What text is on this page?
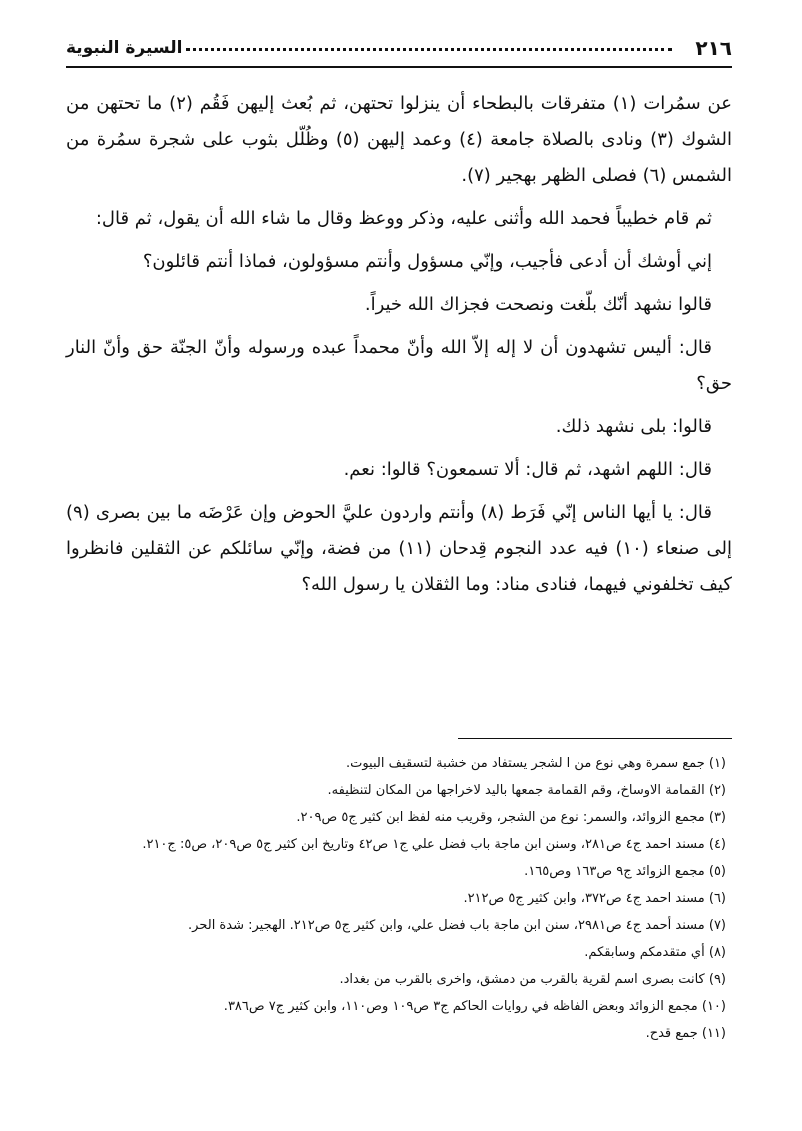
٢١٦
السيرة النبوية

عن سمُرات (١) متفرقات بالبطحاء أن ينزلوا تحتهن، ثم بُعث إليهن فَقُم (٢) ما تحتهن من الشوك (٣) ونادى بالصلاة جامعة (٤) وعمد إليهن (٥) وظُلّل بثوب على شجرة سمُرة من الشمس (٦) فصلى الظهر بهجير (٧).

ثم قام خطيباً فحمد الله وأثنى عليه، وذكر ووعظ وقال ما شاء الله أن يقول، ثم قال:

إني أوشك أن أدعى فأجيب، وإنّي مسؤول وأنتم مسؤولون، فماذا أنتم قائلون؟

قالوا نشهد أنّك بلّغت ونصحت فجزاك الله خيراً.

قال: أليس تشهدون أن لا إله إلاّ الله وأنّ محمداً عبده ورسوله وأنّ الجنّة حق وأنّ النار حق؟

قالوا: بلى نشهد ذلك.

قال: اللهم اشهد، ثم قال: ألا تسمعون؟ قالوا: نعم.

قال: يا أيها الناس إنّي فَرَط (٨) وأنتم واردون عليَّ الحوض وإن عَرْضَه ما بين بصرى (٩) إلى صنعاء (١٠) فيه عدد النجوم قِدحان (١١) من فضة، وإنّي سائلكم عن الثقلين فانظروا كيف تخلفوني فيهما، فنادى مناد: وما الثقلان يا رسول الله؟

(١) جمع سمرة وهي نوع من ا لشجر يستفاد من خشبة لتسقيف البيوت.

(٢) القمامة الاوساخ، وقم القمامة جمعها باليد لاخراجها من المكان لتنظيفه.

(٣) مجمع الزوائد، والسمر: نوع من الشجر، وقريب منه لفظ ابن كثير ج٥ ص٢٠٩.

(٤) مسند احمد ج٤ ص٢٨١، وسنن ابن ماجة باب فضل علي ج١ ص٤٢ وتاريخ ابن كثير ج٥ ص٢٠٩، ص٥: ج٢١٠.

(٥) مجمع الزوائد ج٩ ص١٦٣ وص١٦٥.

(٦) مسند احمد ج٤ ص٣٧٢، وابن كثير ج٥ ص٢١٢.

(٧) مسند أحمد ج٤ ص٢٩٨١، سنن ابن ماجة باب فضل علي، وابن كثير ج٥ ص٢١٢. الهجير: شدة الحر.

(٨) أي متقدمكم وسابقكم.

(٩) كانت بصرى اسم لقرية بالقرب من دمشق، واخرى بالقرب من بغداد.

(١٠) مجمع الزوائد وبعض الفاظه في روايات الحاكم ج٣ ص١٠٩ وص١١٠، وابن كثير ج٧ ص٣٨٦.

(١١) جمع قدح.
